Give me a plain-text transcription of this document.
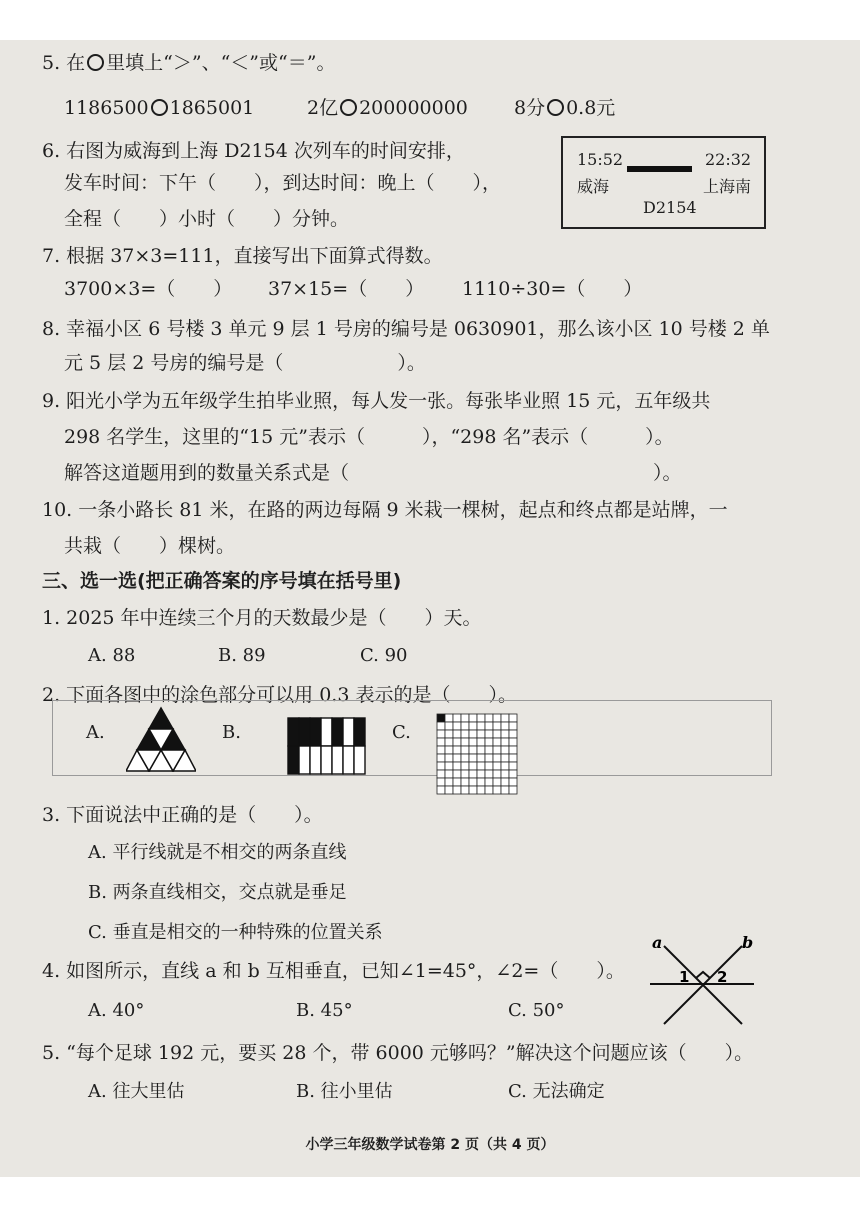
5. 在 里填上“＞”、“＜”或“＝”。
1186500 1865001	2亿 200000000 8分 0.8元
6. 右图为威海到上海 D2154 次列车的时间安排，
发车时间：下午（　　），到达时间：晚上（　　），
全程（　　）小时（　　）分钟。
15:52	22:32
威海	上海南
D2154
7. 根据 37×3=111，直接写出下面算式得数。
3700×3=（　　） 37×15=（　　） 1110÷30=（　　）
8. 幸福小区 6 号楼 3 单元 9 层 1 号房的编号是 0630901，那么该小区 10 号楼 2 单
元 5 层 2 号房的编号是（　　　　　　）。
9. 阳光小学为五年级学生拍毕业照，每人发一张。每张毕业照 15 元，五年级共
298 名学生，这里的“15 元”表示（　　　），“298 名”表示（　　　）。
解答这道题用到的数量关系式是（　　　　　　　　　　　　　　　　）。
10. 一条小路长 81 米，在路的两边每隔 9 米栽一棵树，起点和终点都是站牌，一
共栽（　　）棵树。
三、选一选(把正确答案的序号填在括号里)
1. 2025 年中连续三个月的天数最少是（　　）天。
A. 88	B. 89	C. 90
2. 下面各图中的涂色部分可以用 0.3 表示的是（　　）。
A.	B.	C.
3. 下面说法中正确的是（　　）。
A. 平行线就是不相交的两条直线
B. 两条直线相交，交点就是垂足
C. 垂直是相交的一种特殊的位置关系
4. 如图所示，直线 a 和 b 互相垂直，已知∠1=45°，∠2=（　　）。
A. 40°	B. 45°	C. 50°
a	b
1 2
5. “每个足球 192 元，要买 28 个，带 6000 元够吗？”解决这个问题应该（　　）。
A. 往大里估	B. 往小里估	C. 无法确定
小学三年级数学试卷第 2 页（共 4 页）
